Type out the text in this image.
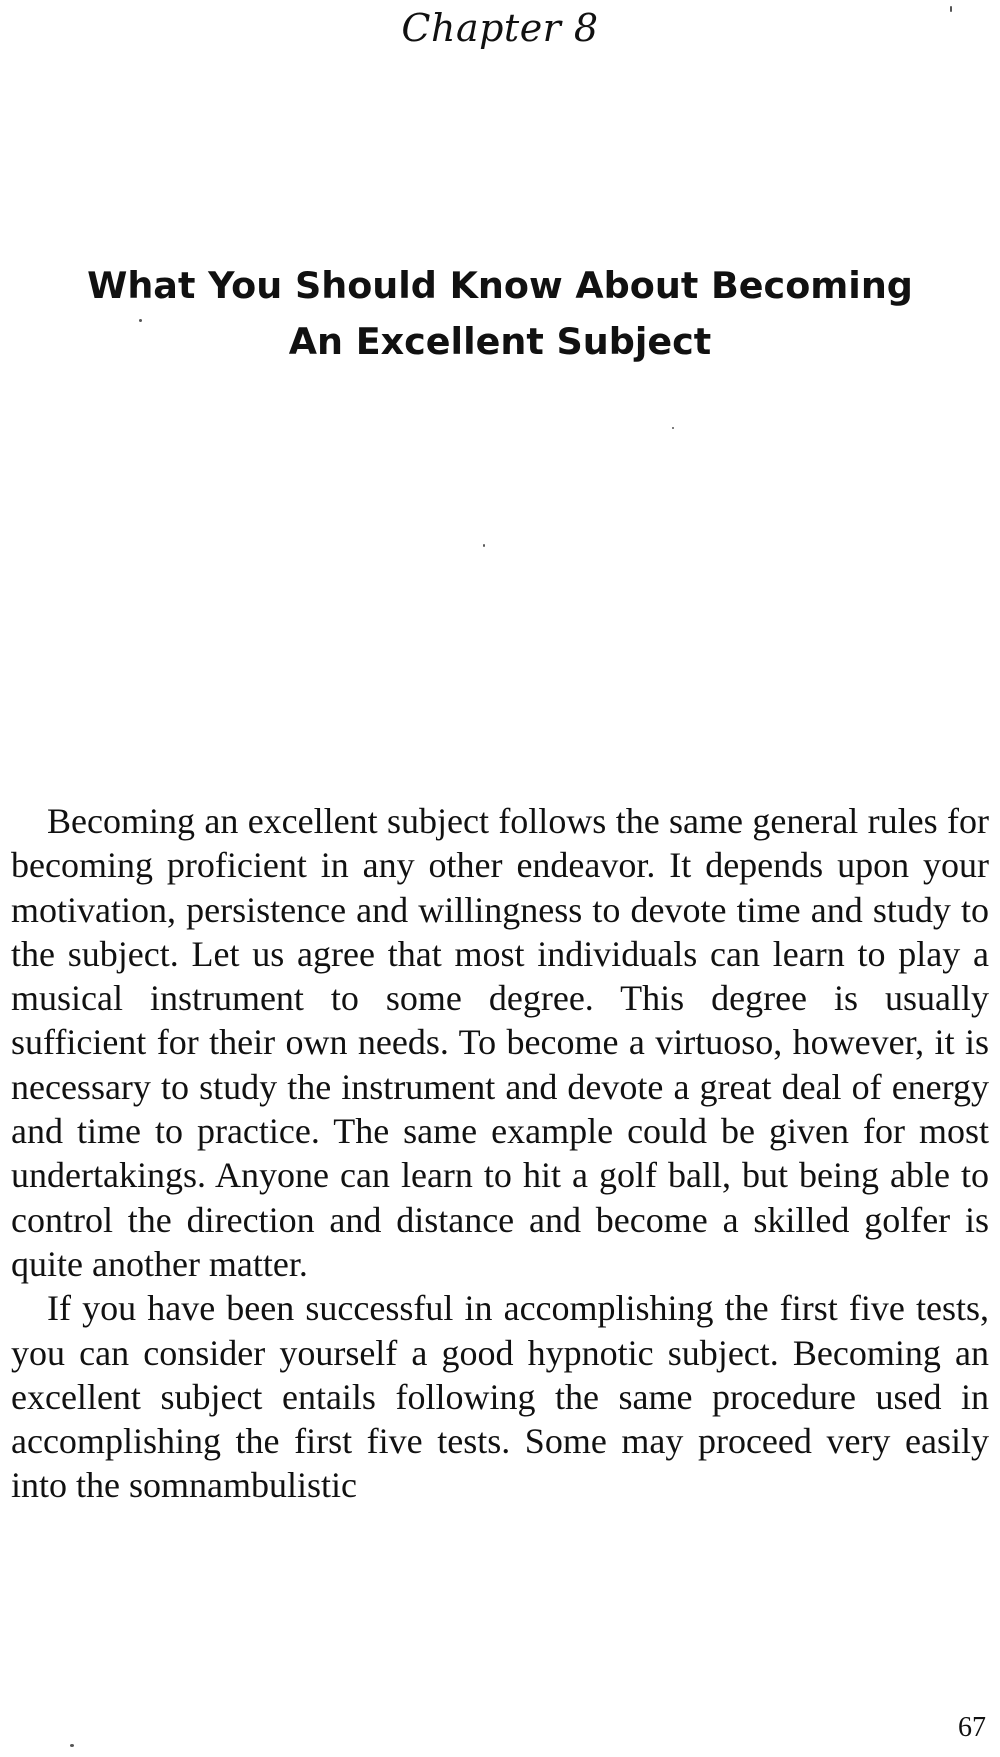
Chapter 8
What You Should Know About Becoming
An Excellent Subject

Becoming an excellent subject follows the same general rules for becoming proficient in any other endeavor. It depends upon your motivation, persistence and willingness to devote time and study to the subject. Let us agree that most individuals can learn to play a musical instrument to some degree. This degree is usually sufficient for their own needs. To become a virtuoso, however, it is necessary to study the instrument and devote a great deal of energy and time to practice. The same example could be given for most undertakings. Anyone can learn to hit a golf ball, but being able to control the direction and distance and become a skilled golfer is quite another matter.

If you have been successful in accomplishing the first five tests, you can consider yourself a good hypnotic subject. Becoming an excellent subject entails following the same procedure used in accomplishing the first five tests. Some may proceed very easily into the somnambulistic

67
